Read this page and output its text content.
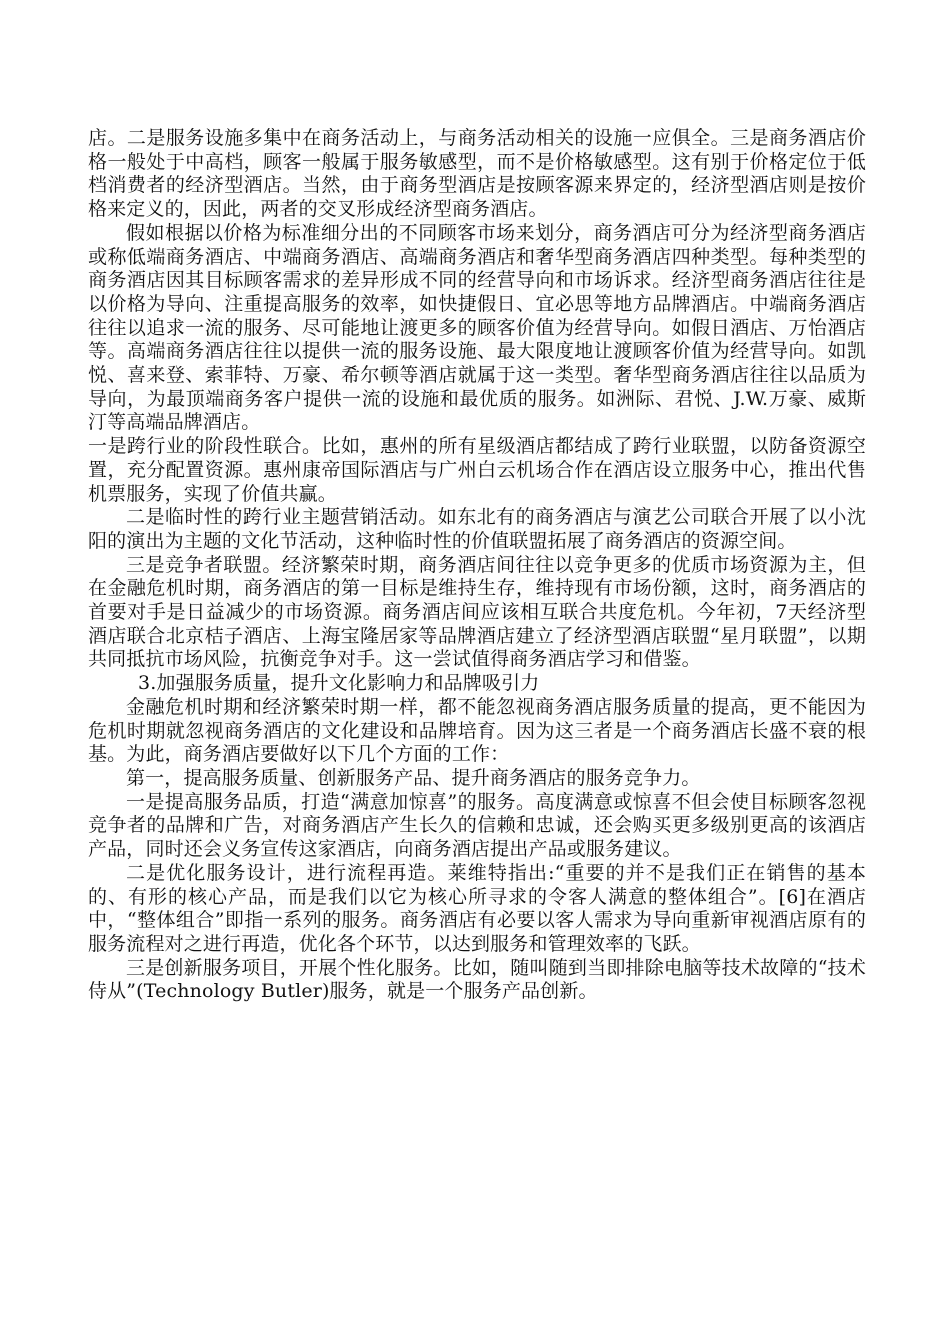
店。二是服务设施多集中在商务活动上，与商务活动相关的设施一应俱全。三是商务酒店价格一般处于中高档，顾客一般属于服务敏感型，而不是价格敏感型。这有别于价格定位于低档消费者的经济型酒店。当然，由于商务型酒店是按顾客源来界定的，经济型酒店则是按价格来定义的，因此，两者的交叉形成经济型商务酒店。

假如根据以价格为标准细分出的不同顾客市场来划分，商务酒店可分为经济型商务酒店或称低端商务酒店、中端商务酒店、高端商务酒店和奢华型商务酒店四种类型。每种类型的商务酒店因其目标顾客需求的差异形成不同的经营导向和市场诉求。经济型商务酒店往往是以价格为导向、注重提高服务的效率，如快捷假日、宜必思等地方品牌酒店。中端商务酒店往往以追求一流的服务、尽可能地让渡更多的顾客价值为经营导向。如假日酒店、万怡酒店等。高端商务酒店往往以提供一流的服务设施、最大限度地让渡顾客价值为经营导向。如凯悦、喜来登、索菲特、万豪、希尔顿等酒店就属于这一类型。奢华型商务酒店往往以品质为导向，为最顶端商务客户提供一流的设施和最优质的服务。如洲际、君悦、J.W.万豪、威斯汀等高端品牌酒店。

一是跨行业的阶段性联合。比如，惠州的所有星级酒店都结成了跨行业联盟，以防备资源空置，充分配置资源。惠州康帝国际酒店与广州白云机场合作在酒店设立服务中心，推出代售机票服务，实现了价值共赢。

二是临时性的跨行业主题营销活动。如东北有的商务酒店与演艺公司联合开展了以小沈阳的演出为主题的文化节活动，这种临时性的价值联盟拓展了商务酒店的资源空间。

三是竞争者联盟。经济繁荣时期，商务酒店间往往以竞争更多的优质市场资源为主，但在金融危机时期，商务酒店的第一目标是维持生存，维持现有市场份额，这时，商务酒店的首要对手是日益减少的市场资源。商务酒店间应该相互联合共度危机。今年初，7天经济型酒店联合北京桔子酒店、上海宝隆居家等品牌酒店建立了经济型酒店联盟“星月联盟”，以期共同抵抗市场风险，抗衡竞争对手。这一尝试值得商务酒店学习和借鉴。

3.加强服务质量，提升文化影响力和品牌吸引力

金融危机时期和经济繁荣时期一样，都不能忽视商务酒店服务质量的提高，更不能因为危机时期就忽视商务酒店的文化建设和品牌培育。因为这三者是一个商务酒店长盛不衰的根基。为此，商务酒店要做好以下几个方面的工作：

第一，提高服务质量、创新服务产品、提升商务酒店的服务竞争力。

一是提高服务品质，打造“满意加惊喜”的服务。高度满意或惊喜不但会使目标顾客忽视竞争者的品牌和广告，对商务酒店产生长久的信赖和忠诚，还会购买更多级别更高的该酒店产品，同时还会义务宣传这家酒店，向商务酒店提出产品或服务建议。

二是优化服务设计，进行流程再造。莱维特指出:“重要的并不是我们正在销售的基本的、有形的核心产品，而是我们以它为核心所寻求的令客人满意的整体组合”。[6]在酒店中，“整体组合”即指一系列的服务。商务酒店有必要以客人需求为导向重新审视酒店原有的服务流程对之进行再造，优化各个环节，以达到服务和管理效率的飞跃。

三是创新服务项目，开展个性化服务。比如，随叫随到当即排除电脑等技术故障的“技术侍从”(Technology Butler)服务，就是一个服务产品创新。
